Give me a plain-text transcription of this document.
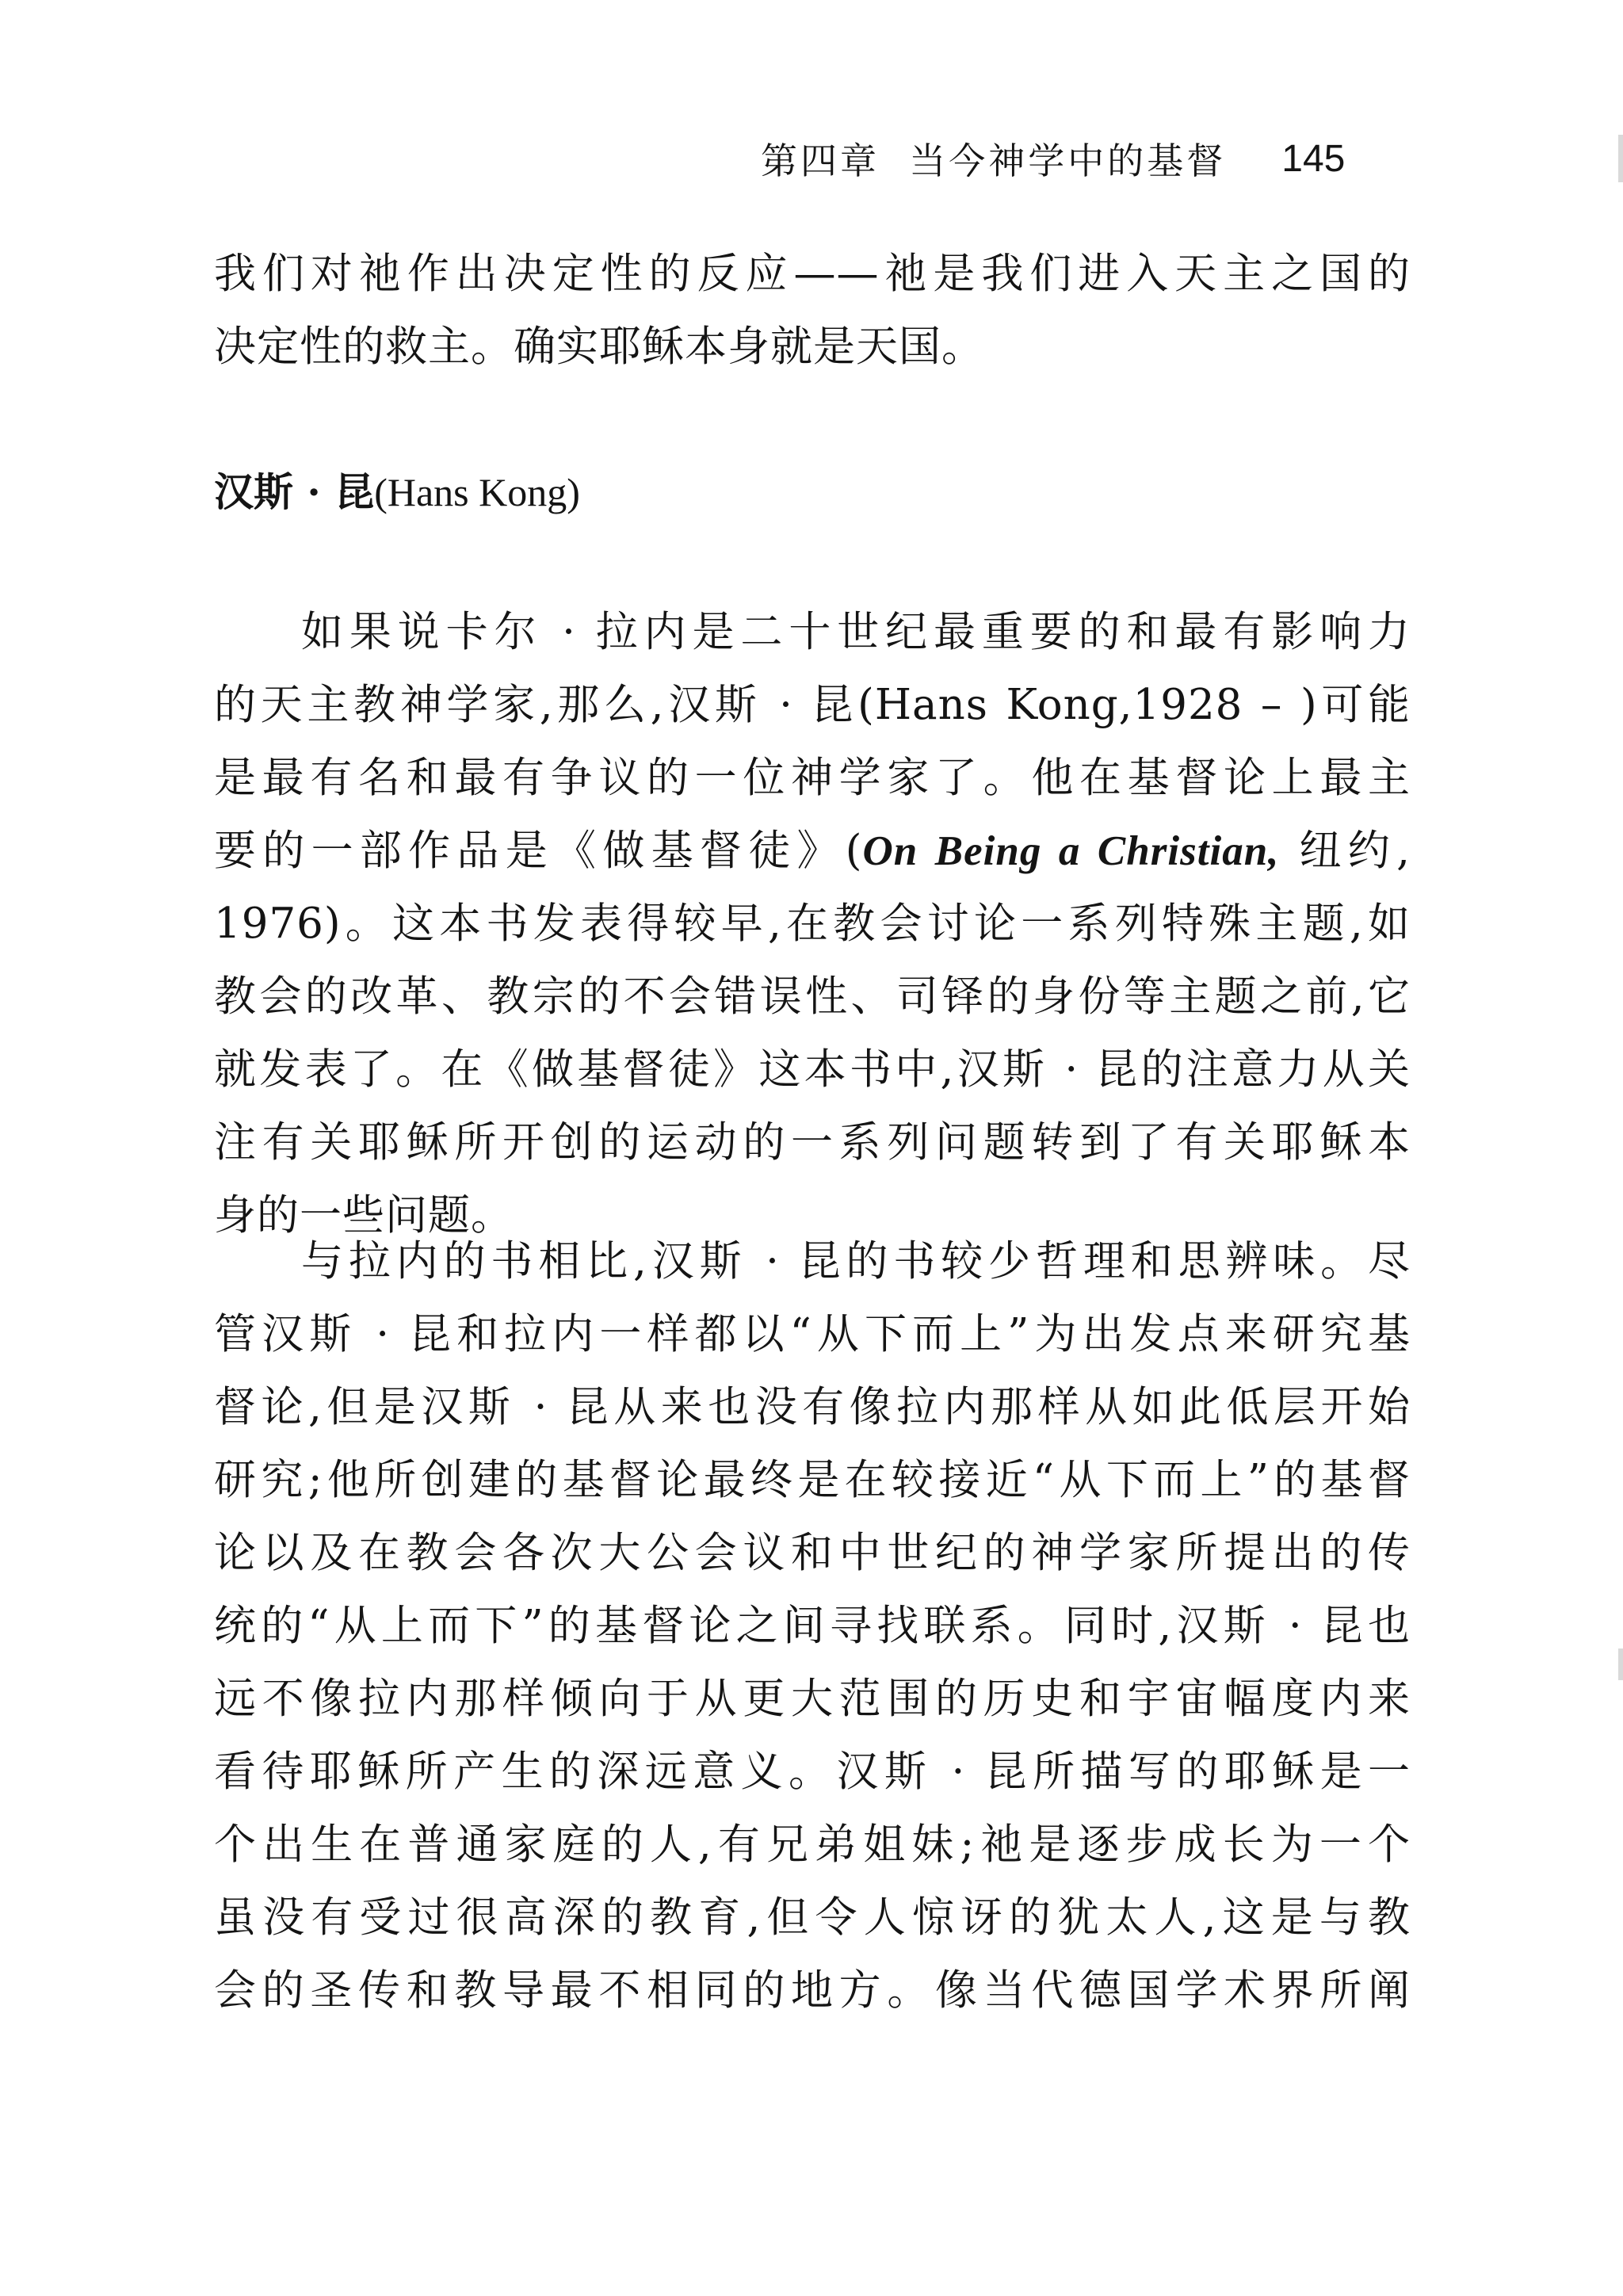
第四章  当今神学中的基督 145
我们对祂作出决定性的反应——祂是我们进入天主之国的
决定性的救主。确实耶稣本身就是天国。
汉斯 · 昆(Hans Kong)
如果说卡尔 · 拉内是二十世纪最重要的和最有影响力
的天主教神学家,那么,汉斯 · 昆(Hans Kong,1928 – )可能
是最有名和最有争议的一位神学家了。他在基督论上最主
要的一部作品是《做基督徒》(On Being a Christian, 纽约,
1976)。这本书发表得较早,在教会讨论一系列特殊主题,如
教会的改革、教宗的不会错误性、司铎的身份等主题之前,它
就发表了。在《做基督徒》这本书中,汉斯 · 昆的注意力从关
注有关耶稣所开创的运动的一系列问题转到了有关耶稣本
身的一些问题。
与拉内的书相比,汉斯 · 昆的书较少哲理和思辨味。尽
管汉斯 · 昆和拉内一样都以“从下而上”为出发点来研究基
督论,但是汉斯 · 昆从来也没有像拉内那样从如此低层开始
研究;他所创建的基督论最终是在较接近“从下而上”的基督
论以及在教会各次大公会议和中世纪的神学家所提出的传
统的“从上而下”的基督论之间寻找联系。同时,汉斯 · 昆也
远不像拉内那样倾向于从更大范围的历史和宇宙幅度内来
看待耶稣所产生的深远意义。汉斯 · 昆所描写的耶稣是一
个出生在普通家庭的人,有兄弟姐妹;祂是逐步成长为一个
虽没有受过很高深的教育,但令人惊讶的犹太人,这是与教
会的圣传和教导最不相同的地方。像当代德国学术界所阐
